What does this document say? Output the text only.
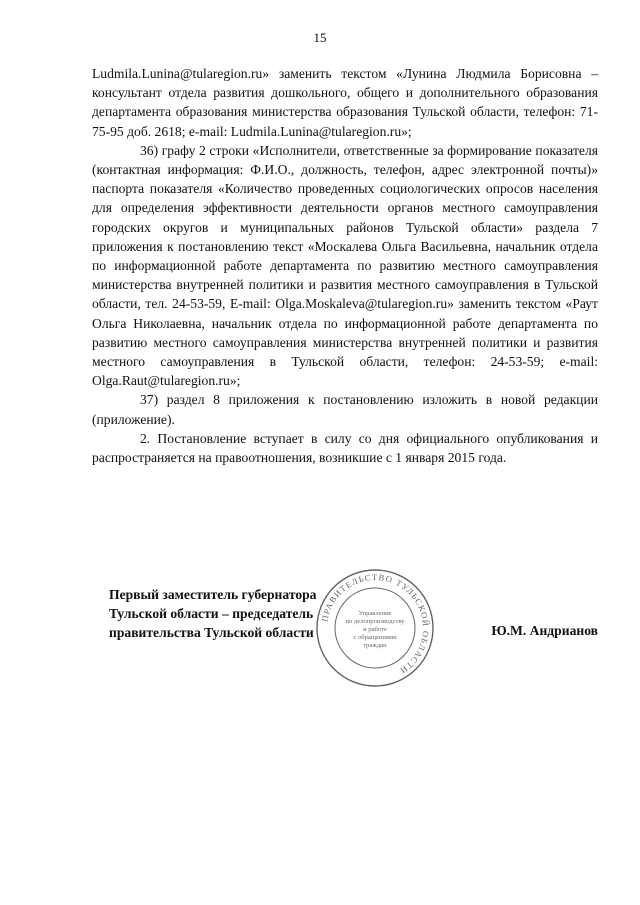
15

Ludmila.Lunina@tularegion.ru» заменить текстом «Лунина Людмила Борисовна – консультант отдела развития дошкольного, общего и дополнительного образования департамента образования министерства образования Тульской области, телефон: 71-75-95 доб. 2618; e-mail: Ludmila.Lunina@tularegion.ru»;

36) графу 2 строки «Исполнители, ответственные за формирование показателя (контактная информация: Ф.И.О., должность, телефон, адрес электронной почты)» паспорта показателя «Количество проведенных социологических опросов населения для определения эффективности деятельности органов местного самоуправления городских округов и муниципальных районов Тульской области» раздела 7 приложения к постановлению текст «Москалева Ольга Васильевна, начальник отдела по информационной работе департамента по развитию местного самоуправления министерства внутренней политики и развития местного самоуправления в Тульской области, тел. 24-53-59, E-mail: Olga.Moskaleva@tularegion.ru» заменить текстом «Раут Ольга Николаевна, начальник отдела по информационной работе департамента по развитию местного самоуправления министерства внутренней политики и развития местного самоуправления в Тульской области, телефон: 24-53-59; e-mail: Olga.Raut@tularegion.ru»;

37) раздел 8 приложения к постановлению изложить в новой редакции (приложение).

2. Постановление вступает в силу со дня официального опубликования и распространяется на правоотношения, возникшие с 1 января 2015 года.

Первый заместитель губернатора
Тульской области – председатель
правительства Тульской области
ПРАВИТЕЛЬСТВО ТУЛЬСКОЙ ОБЛАСТИ
Управление
по делопроизводству
и работе
с обращениями
граждан
Ю.М. Андрианов
